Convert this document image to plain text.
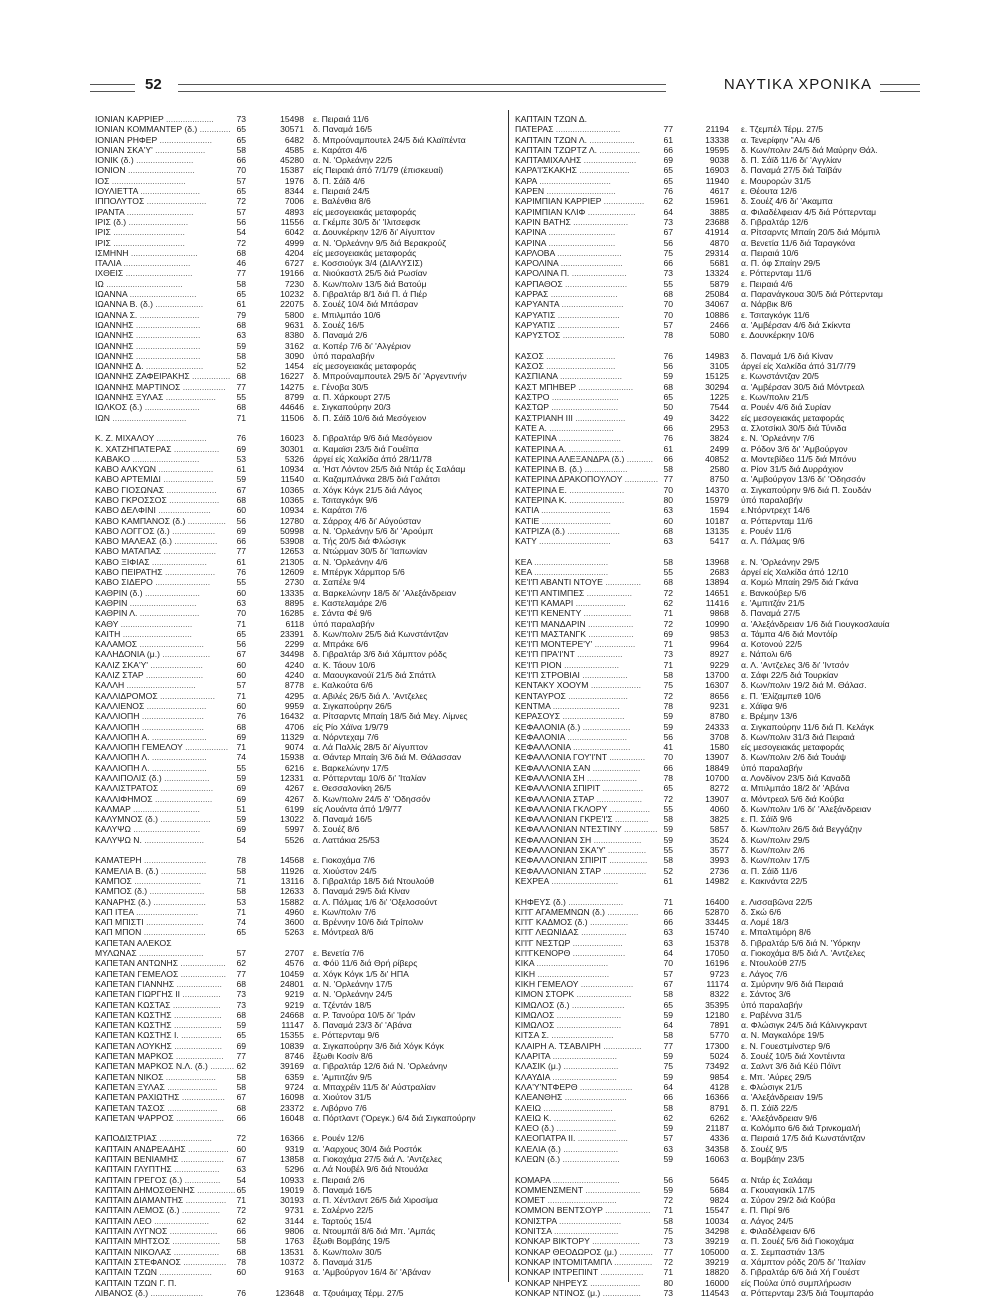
52	ΝΑΥΤΙΚΑ ΧΡΟΝΙΚΑ
ΙΟΝΙΑΝ ΚΑΡΡΙΕΡ ....................	73	15498 ε. Πειραιά 11/6
ΙΟΝΙΑΝ ΚΟΜΜΑΝΤΕΡ (δ.) ............. 65	30571 δ. Παναμά 16/5
ΙΟΝΙΑΝ ΡΗΦΕΡ ......................	65	6482 δ. Μπρούναμπουτελ 24/5 διά Κλαϊπέντα
ΙΟΝΙΑΝ ΣΚΑ'Υ' .....................	58	4585 ε. Καράτσι 4/6
ΙΟΝΙΚ (δ.) ........................	66	45280 α. Ν. 'Ορλεάνην 22/5
ΙΟΝΙΟΝ ............................	70	15387 είς Πειραιά άπό 7/1/79 (έπισκευαί)
ΙΟΣ ...............................	57	1976 δ. Π. Σάϊδ 4/6
ΙΟΥΛΙΕΤΤΑ .........................	65	8344 ε. Πειραιά 24/5
ΙΠΠΟΛΥΤΟΣ .........................	72	7006 ε. Βαλένθια 8/6
ΙΡΑΝΤΑ ............................	57	4893 είς μεσογειακάς μεταφοράς
ΙΡΙΣ (δ.) .........................	56	11556 α. Γκέμπε 30/5 δι' 'Ιλιτσεφσκ
ΙΡΙΣ ..............................	54	6042 α. Δουνκέρκην 12/6 δι' Αίγυπτον
ΙΡΙΣ ..............................	72	4999 α. Ν. 'Ορλεάνην 9/5 διά Βερακρούζ
ΙΣΜΗΝΗ ............................	68	4204 είς μεσογειακάς μεταφοράς
ΙΤΑΛΙΑ ............................	46	6727 ε. Κοσσιούγκ 3/4 (ΔΙΑΛΥΣΙΣ)
ΙΧΘΕΙΣ ............................	77	19166 α. Νιούκαστλ 25/5 διά Ρωσίαν
ΙΩ ................................	58	7230 δ. Κων/πολιν 13/5 διά Βατούμ
ΙΩΑΝΝΑ ............................	65	10232 δ. Γιβραλτάρ 8/1 διά Π. ά Πιέρ
ΙΩΑΝΝΑ Β. (δ.) ....................	61	22075 δ. Σουέζ 10/4 διά Μπάσραν
ΙΩΑΝΝΑ Σ. .........................	79	5800 ε. Μπιλμπάο 10/6
ΙΩΑΝΝΗΣ ...........................	68	9631 δ. Σουέζ 16/5
ΙΩΑΝΝΗΣ ...........................	63	8380 δ. Παναμά 2/6
ΙΩΑΝΝΗΣ ...........................	59	3162 α. Κοπέρ 7/6 δι' 'Αλγέριον
ΙΩΑΝΝΗΣ ...........................	58	3090 ύπό παραλαβήν
ΙΩΑΝΝΗΣ Δ. ........................	52	1454 είς μεσογειακάς μεταφοράς
ΙΩΑΝΝΗΣ ΖΑΦΕΙΡΑΚΗΣ ................ 68	16227 δ. Μπρούναμπουτελ 29/5 δι' 'Αργεντινήν
ΙΩΑΝΝΗΣ ΜΑΡΤΙΝΟΣ ..................	77	14275 ε. Γένοβα 30/5
ΙΩΑΝΝΗΣ ΞΥΛΑΣ .....................	55	8799 α. Π. Χάρκουρτ 27/5
ΙΩΛΚΟΣ (δ.) .......................	68	44646 ε. Σιγκαπούρην 20/3
ΙΩΝ ...............................	71	11506 δ. Π. Σάϊδ 10/6 διά Μεσόγειον
Κ. Ζ. ΜΙΧΑΛΟΥ .....................	76	16023 δ. Γιβραλτάρ 9/6 διά Μεσόγειον
Κ. ΧΑΤΖΗΠΑΤΕΡΑΣ ...................	69	30301 α. Καμαϊσι 23/5 διά Γουέϊπα
ΚΑΒΑΚΟ ............................	53	5326 άργεί είς Χαλκίδα άπό 28/11/78
ΚΑΒΟ ΑΛΚΥΩΝ .......................	61	10934 α. 'Ηστ Λόντον 25/5 διά Ντάρ ές Σαλάαμ
ΚΑΒΟ ΑΡΤΕΜΙΔΙ .....................	59	11540 α. Καζαμπλάνκα 28/5 διά Γαλάτσι
ΚΑΒΟ ΓΙΟΣΩΝΑΣ .....................	67	10365 α. Χόγκ Κόγκ 21/5 διά Λάγος
ΚΑΒΟ ΓΚΡΟΣΣΟΣ .....................	68	10365 ε. Τσιταγκόγκ 9/6
ΚΑΒΟ ΔΕΛΦΙΝΙ ......................	60	10934 ε. Καράτσι 7/6
ΚΑΒΟ ΚΑΜΠΑΝΟΣ (δ.) ................	56	12780 α. Σάρροχ 4/6 δι' Αύγούσταν
ΚΑΒΟ ΛΟΓΓΟΣ (δ.) ..................	69	50998 α. Ν. 'Ορλεάνην 5/6 δι' 'Αρούμπ
ΚΑΒΟ ΜΑΛΕΑΣ (δ.) ..................	66	53908 α. Τής 20/5 διά Φλώσιγκ
ΚΑΒΟ ΜΑΤΑΠΑΣ ......................	77	12653 α. Ντώρμαν 30/5 δι' 'Ιαπωνίαν
ΚΑΒΟ ΞΙΦΙΑΣ .......................	61	21305 α. Ν. 'Ορλεάνην 4/6
ΚΑΒΟ ΠΕΙΡΑΤΗΣ .....................	76	12609 ε. Μπέργκ Χάρμπορ 5/6
ΚΑΒΟ ΣΙΔΕΡΟ .......................	55	2730 α. Σαπέλε 9/4
ΚΑΘΡΙΝ (δ.) .......................	60	13335 α. Βαρκελώνην 18/5 δι' 'Αλεξάνδρειαν
ΚΑΘΡΙΝ ............................	63	8895 ε. Καστελαμάρε 2/6
ΚΑΘΡΙΝ Λ. .........................	70	16285 ε. Σάντα Φέ 9/6
ΚΑΘΥ ..............................	71	6118 ύπό παραλαβήν
ΚΑΙΤΗ .............................	65	23391 δ. Κων/πολιν 25/5 διά Κωνστάντζαν
ΚΑΛΑΜΟΣ ...........................	56	2299 α. Μπράκε 6/6
ΚΑΛΗΔΟΝΙΑ (μ.) ....................	67	34498 δ. Γιβραλτάρ 3/6 διά Χάμπτον ρόδς
ΚΑΛΙΖ ΣΚΑ'Υ' ......................	60	4240 α. Κ. Τάουν 10/6
ΚΑΛΙΖ ΣΤΑΡ ........................	60	4240 α. Μαουγκανούϊ 21/5 διά Σπάττλ
ΚΑΛΛΗ .............................	57	8778 ε. Καλκούτα 6/6
ΚΑΛΛΙΔΡΟΜΟΣ .......................	71	4295 α. Αβιλές 26/5 διά Λ. 'Αντζελες
ΚΑΛΛΙΕΝΟΣ .........................	60	9959 α. Σιγκαπούρην 26/5
ΚΑΛΛΙΟΠΗ ..........................	76	16432 α. Ρίτσαρντς Μπαίη 18/5 διά Μεγ. Λίμνες
ΚΑΛΛΙΟΠΗ ..........................	68	4706 είς Ρίο Χάϊνα 1/9/79
ΚΑΛΛΙΟΠΗ Α. .......................	69	11329 α. Νόρντεχαμ 7/6
ΚΑΛΛΙΟΠΗ ΓΕΜΕΛΟΥ .................. 71	9074 α. Λά Παλλίς 28/5 δι' Αίγυπτον
ΚΑΛΛΙΟΠΗ Λ. .......................	74	15938 α. Θάντερ Μπαίη 3/6 διά Μ. Θάλασσαν
ΚΑΛΛΙΟΠΗ Λ. .......................	55	6216 ε. Βαρκελώνην 17/5
ΚΑΛΛΙΠΟΛΙΣ (δ.) ...................	59	12331 α. Ρόττερνταμ 10/6 δι' 'Ιταλίαν
ΚΑΛΛΙΣΤΡΑΤΟΣ ......................	69	4267 ε. Θεσσαλονίκη 26/5
ΚΑΛΛΙΦΗΜΟΣ ........................	69	4267 δ. Κων/πολιν 24/5 δ' 'Οδησσόν
ΚΑΛΜΑΡ ............................	51	6199 είς Λουάντα άπό 1/9/77
ΚΑΛΥΜΝΟΣ (δ.) .....................	59	13022 δ. Παναμά 16/5
ΚΑΛΥΨΩ ............................	69	5997 δ. Σουέζ 8/6
ΚΑΛΥΨΩ Ν. .........................	54	5526 α. Λαττάκια 25/53
ΚΑΜΑΤΕΡΗ ..........................	78	14568 ε. Γιοκοχάμα 7/6
ΚΑΜΕΛΙΑ Β. (δ.) ...................	58	11926 α. Χιούστον 24/5
ΚΑΜΠΟΣ ............................	71	13116 δ. Γιβραλτάρ 18/5 διά Ντουλούθ
ΚΑΜΠΟΣ (δ.) .......................	58	12633 δ. Παναμά 29/5 διά Κίναν
ΚΑΝΑΡΗΣ (δ.) ......................	53	15882 α. Λ. Πάλμας 1/6 δι' 'Οξελοσούντ
ΚΑΠ ΙΤΕΑ ..........................	71	4960 ε. Κων/πολιν 7/6
ΚΑΠ ΜΠΙΣΤΙ ........................	74	3600 α. Βρέννην 10/6 διά Τρίπολιν
ΚΑΠ ΜΠΟΝ ..........................	65	5263 ε. Μόντρεαλ 8/6
ΚΑΠΕΤΑΝ ΑΛΕΚΟΣ
ΜΥΛΩΝΑΣ ...........................	57	2707 ε. Βενετία 7/6
ΚΑΠΕΤΑΝ ΑΝΤΩΝΗΣ ...................	62	4576 α. Φόϋ 11/6 διά Θρή ρίβερς
ΚΑΠΕΤΑΝ ΓΕΜΕΛΟΣ ...................	77	10459 α. Χόγκ Κόγκ 1/5 δι' ΗΠΑ
ΚΑΠΕΤΑΝ ΓΙΑΝΝΗΣ ...................	68	24801 α. Ν. 'Ορλεάνην 17/5
ΚΑΠΕΤΑΝ ΓΙΩΡΓΗΣ ΙΙ ................	73	9219 α. Ν. 'Ορλεάνην 24/5
ΚΑΠΕΤΑΝ ΚΩΣΤΑΣ ....................	73	9219 α. Τζέντάν 18/5
ΚΑΠΕΤΑΝ ΚΩΣΤΗΣ ....................	68	24668 α. Ρ. Τανούρα 10/5 δι' 'Ιράν
ΚΑΠΕΤΑΝ ΚΩΣΤΗΣ ....................	59	11147 δ. Παναμά 23/3 δι' 'Αβάνα
ΚΑΠΕΤΑΝ ΚΩΣΤΗΣ Ι. .................	65	15355 ε. Ρόττερνταμ 9/6
ΚΑΠΕΤΑΝ ΛΟΥΚΗΣ ....................	69	10839 α. Σιγκαπούρην 3/6 διά Χόγκ Κόγκ
ΚΑΠΕΤΑΝ ΜΑΡΚΟΣ ....................	77	8746 ἔξωθι Κοσίν 8/6
ΚΑΠΕΤΑΝ ΜΑΡΚΟΣ Ν.Λ. (δ.) .......... 62	39169 α. Γιβραλτάρ 12/6 διά Ν. 'Ορλεάνην
ΚΑΠΕΤΑΝ ΝΙΚΟΣ .....................	58	6359 ε. 'Αμπιτζάν 9/5
ΚΑΠΕΤΑΝ ΞΥΛΑΣ .....................	58	9724 α. Μπαχρέϊν 11/5 δι' Αύστραλίαν
ΚΑΠΕΤΑΝ ΡΑΧΙΩΤΗΣ ..................	67	16098 α. Χιούτον 31/5
ΚΑΠΕΤΑΝ ΤΑΣΟΣ .....................	68	23372 ε. Λιβόρνο 7/6
ΚΑΠΕΤΑΝ ΨΑΡΡΟΣ ....................	66	16048 α. Πόρτλαντ ('Ορεγκ.) 6/4 διά Σιγκαπούρην
ΚΑΠΟΔΙΣΤΡΙΑΣ ......................	72	16366 ε. Ρουέν 12/6
ΚΑΠΤΑΙΝ ΑΝΔΡΕΑΔΗΣ ................. 60	9319 α. 'Ααρχους 30/4 διά Ροστόκ
ΚΑΠΤΑΙΝ ΒΕΝΙΑΜΗΣ ..................	67	13858 α. Γιοκοχάμα 27/5 διά Λ. 'Αντζελες
ΚΑΠΤΑΙΝ ΓΛΥΠΤΗΣ ...................	63	5296 α. Λά Νουβέλ 9/6 διά Ντουάλα
ΚΑΠΤΑΙΝ ΓΡΕΓΟΣ (δ.) ...............	54	10933 ε. Πειραιά 2/6
ΚΑΠΤΑΙΝ ΔΗΜΟΣΘΕΝΗΣ ................ 65	19019 δ. Παναμά 16/5
ΚΑΠΤΑΙΝ ΔΙΑΜΑΝΤΗΣ .................	71	30193 α. Π. Χέντλαντ 26/5 διά Χιροσίμα
ΚΑΠΤΑΙΝ ΛΕΜΟΣ (δ.) ................	72	9731 ε. Σαλέρνο 22/5
ΚΑΠΤΑΙΝ ΛΕΟ .......................	62	3144 ε. Ταρτούς 15/4
ΚΑΠΤΑΙΝ ΛΥΓΝΟΣ ....................	66	9806 α. Ντουμπάϊ 8/6 διά Μπ. 'Αμπάς
ΚΑΠΤΑΙΝ ΜΗΤΣΟΣ ....................	58	1763 ἔξωθι Βομβάης 19/5
ΚΑΠΤΑΙΝ ΝΙΚΟΛΑΣ ...................	68	13531 δ. Κων/πολιν 30/5
ΚΑΠΤΑΙΝ ΣΤΕΦΑΝΟΣ ..................	78	10372 δ. Παναμά 31/5
ΚΑΠΤΑΙΝ ΤΖΩΝ ......................	60	9163 α. 'Αμβούργον 16/4 δι' 'Αβάναν
ΚΑΠΤΑΙΝ ΤΖΩΝ Γ. Π.
ΛΙΒΑΝΟΣ (δ.) ......................	76	123648 α. Τζουάιμαχ Τέρμ. 27/5
ΚΑΠΤΑΙΝ ΤΖΩΝ Δ.
ΠΑΤΕΡΑΣ ...........................	77	21194 ε. Τζεμπέλ Τέρμ. 27/5
ΚΑΠΤΑΙΝ ΤΖΩΝ Λ. ...................	61	13338 α. Τενερίφην "Αλι 4/6
ΚΑΠΤΑΙΝ ΤΖΩΡΤΖ Λ. .................	66	19595 δ. Κων/πολιν 24/5 διά Μαύρην Θάλ.
ΚΑΠΤΑΜΙΧΑΛΗΣ ......................	69	9038 δ. Π. Σάϊδ 11/6 δι' 'Αγγλίαν
ΚΑΡΑ'Ι'ΣΚΑΚΗΣ .....................	65	16903 δ. Παναμά 27/5 διά Ταϊβάν
ΚΑΡΑ ..............................	65	11940 ε. Μουρορών 31/5
ΚΑΡΕΝ .............................	76	4617 ε. Θέουτα 12/6
ΚΑΡΙΜΠΙΑΝ ΚΑΡΡΙΕΡ .................	62	15961 δ. Σουέζ 4/6 δι' 'Ακαμπα
ΚΑΡΙΜΠΙΑΝ ΚΛΙΦ ....................	64	3885 α. Φιλαδέλφειαν 4/5 διά Ρόττερνταμ
ΚΑΡΙΝ ΒΑΤΗΣ .......................	73	23688 δ. Γιβραλτάρ 12/6
ΚΑΡΙΝΑ ............................	67	41914 α. Ρίτσαρντς Μπαίη 20/5 διά Μόμπιλ
ΚΑΡΙΝΑ ............................	56	4870 α. Βενετία 11/6 διά Ταραγκόνα
ΚΑΡΛΟΒΑ ...........................	75	29314 α. Πειραιά 10/6
ΚΑΡΟΛΙΝΑ ..........................	66	5681 α. Π. όφ Σπαίην 29/5
ΚΑΡΟΛΙΝΑ Π. .......................	73	13324 ε. Ρόττερνταμ 11/6
ΚΑΡΠΑΘΟΣ ..........................	55	5879 ε. Πειραιά 4/6
ΚΑΡΡΑΣ ............................	68	25084 α. Παρανάγκουα 30/5 διά Ρόττερνταμ
ΚΑΡΥΑΝΤΑ ..........................	70	34067 α. Νάρβικ 8/6
ΚΑΡΥΑΤΙΣ ..........................	70	10886 ε. Τσιταγκόγκ 11/6
ΚΑΡΥΑΤΙΣ ..........................	57	2466 α. 'Αμβέρσαν 4/6 διά Σκίκντα
ΚΑΡΥΣΤΟΣ ..........................	78	5080 ε. Δουνκέρκην 10/6
ΚΑΣΟΣ .............................	76	14983 δ. Παναμά 1/6 διά Κίναν
ΚΑΣΟΣ .............................	56	3105 άργεί είς Χαλκίδα άπό 31/7/79
ΚΑΣΠΙΑΝΑ ..........................	59	15125 ε. Κωνστάντζαν 20/5
ΚΑΣΤ ΜΠΗΒΕΡ .......................	68	30294 α. 'Αμβέρσαν 30/5 διά Μόντρεαλ
ΚΑΣΤΡΟ ............................	65	1225 ε. Κων/πολιν 21/5
ΚΑΣΤΩΡ ............................	50	7544 α. Ρουέν 4/6 διά Συρίαν
ΚΑΣΤΡΙΑΝΗ ΙΙΙ .....................	49	3422 είς μεσογειακάς μεταφοράς
ΚΑΤΕ Α. ...........................	66	2953 α. Σλοτσίκιλ 30/5 διά Τύνιδα
ΚΑΤΕΡΙΝΑ ..........................	76	3824 ε. Ν. 'Ορλεάνην 7/6
ΚΑΤΕΡΙΝΑ Α. .......................	61	2499 α. Ρόδον 3/6 δι' 'Αμβούργον
ΚΑΤΕΡΙΝΑ ΑΛΕΞΑΝΔΡΑ (δ.) ...........	66	40852 α. Μοντεβίδεο 11/5 διά Μπόνυ
ΚΑΤΕΡΙΝΑ Β. (δ.) ..................	58	2580 α. Ρίον 31/5 διά Δυρράχιον
ΚΑΤΕΡΙΝΑ ΔΡΑΚΟΠΟΥΛΟΥ .............. 77	8750 α. 'Αμβούργον 13/6 δι' 'Οδησσόν
ΚΑΤΕΡΙΝΑ Ε. .......................	70	14370 α. Σιγκαπούρην 9/6 διά Π. Σουδάν
ΚΑΤΕΡΙΝΑ Κ. .......................	80	15979 ύπό παραλαβήν
ΚΑΤΙΑ .............................	63	1594 ε.Ντόρντρεχτ 14/6
ΚΑΤΙΕ .............................	60	10187 α. Ρόττερνταμ 11/6
ΚΑΤΡΙΖΑ (δ.) ......................	68	13135 ε. Ρουέν 11/6
ΚΑΤΥ ..............................	63	5417 α. Λ. Πάλμας 9/6
ΚΕΑ ...............................	58	13968 ε. Ν. 'Ορλεάνην 29/5
ΚΕΑ ...............................	55	2683 άργεί είς Χαλκίδα άπό 12/10
ΚΕ'Ι'Π ΑΒΑΝΤΙ ΝΤΟΥΕ ...............	68	13894 α. Κομώ Μπαίη 29/5 διά Γκάνα
ΚΕ'Ι'Π ΑΝΤΙΜΠΕΣ ...................	72	14651 ε. Βανκούβερ 5/6
ΚΕ'Ι'Π ΚΑΜΑΡΙ .....................	62	11416 ε. 'Αμπιτζάν 21/5
ΚΕ'Ι'Π ΚΕΝΕΝΤΥ ....................	71	9868 δ. Παναμά 27/5
ΚΕ'Ι'Π ΜΑΝΔΑΡΙΝ ...................	72	10990 α. 'Αλεξάνδρειαν 1/6 διά Γιουγκοσλαυία
ΚΕ'Ι'Π ΜΑΣΤΑΝΓΚ ...................	69	9853 α. Τάμπα 4/6 διά Μοντόίρ
ΚΕ'Ι'Π ΜΟΝΤΕΡΕ'Υ' .................	71	9964 α. Κοτονού 22/5
ΚΕ'Ι'Π ΠΡΑ'Ι'ΝΤ ...................	73	8927 ε. Νάπολι 6/6
ΚΕ'Ι'Π ΡΙΟΝ .......................	71	9229 α. Λ. 'Αντζελες 3/6 δι' 'Ιντσόν
ΚΕ'Ι'Π ΣΤΡΟΒΙΑΙ ...................	58	13700 α. Σάφι 22/5 διά Τουρκίαν
ΚΕΝΤΑΚΥ ΧΟΟΥΜ .....................	75	16307 δ. Κων/πολιν 19/2 διά Μ. Θάλασ.
ΚΕΝΤΑΥΡΟΣ .........................	72	8656 ε. Π. 'Ελίζαμπεθ 10/6
ΚΕΝΤΜΑ ............................	78	9231 ε. Χάϊφα 9/6
ΚΕΡΑΣΟΥΣ ..........................	59	8780 ε. Βρέμην 13/6
ΚΕΦΑΛΟΝΙΑ (δ.) ....................	59	24333 α. Σιγκαπούρην 11/6 διά Π. Κελάγκ
ΚΕΦΑΛΟΝΙΑ .........................	56	3708 δ. Κων/πολιν 31/3 διά Πειραιά
ΚΕΦΑΛΛΟΝΙΑ ........................	41	1580 είς μεσογειακάς μεταφοράς
ΚΕΦΑΛΛΟΝΙΑ ΓΟΥ'Ι'ΝΤ ...............	70	13907 δ. Κων/πολιν 2/6 διά Τουάψ
ΚΕΦΑΛΛΟΝΙΑ ΣΑΝ ....................	66	18849 ύπό παραλαβήν
ΚΕΦΑΛΛΟΝΙΑ ΣΗ .....................	78	10700 α. Λονδίνον 23/5 διά Καναδᾶ
ΚΕΦΑΛΛΟΝΙΑ ΣΠΙΡΙΤ .................	65	8272 α. Μπιλμπάο 18/2 δι' 'Αβάνα
ΚΕΦΑΛΛΟΝΙΑ ΣΤΑΡ ...................	72	13907 α. Μόντρεαλ 5/6 διά Κούβα
ΚΕΦΑΛΛΟΝΙΑ ΓΚΛΟΡΥ .................	55	4060 δ. Κων/πολιν 1/6 δι' 'Αλεξάνδρειαν
ΚΕΦΑΛΛΟΝΙΑΝ ΓΚΡΕ'Ι'Σ ..............	58	3825 ε. Π. Σάϊδ 9/6
ΚΕΦΑΛΛΟΝΙΑΝ ΝΤΕΣΤΙΝΥ .............. 59	5857 δ. Κων/πολιν 26/5 διά Βεγγάζην
ΚΕΦΑΛΛΟΝΙΑΝ ΣΗ ....................	59	3524 δ. Κων/πολιν 29/5
ΚΕΦΑΛΛΟΝΙΑΝ ΣΚΑ'Υ' ................	55	3577 δ. Κων/πολιν 2/6
ΚΕΦΑΛΛΟΝΙΑΝ ΣΠΙΡΙΤ ................	58	3993 δ. Κων/πολιν 17/5
ΚΕΦΑΛΛΟΝΙΑΝ ΣΤΑΡ ..................	52	2736 α. Π. Σάϊδ 11/6
ΚΕΧΡΕΑ ............................	61	14982 ε. Κακινάντα 22/5
ΚΗΦΕΥΣ (δ.) .......................	71	16400 ε. Λισσαβῶνα 22/5
ΚΙ'Ι'Γ ΑΓΑΜΕΜΝΩΝ (δ.) .............	66	52870 δ. Σκώ 6/6
ΚΙ'Ι'Γ ΚΑΔΜΟΣ (δ.) ................	66	33445 α. Λομέ 18/3
ΚΙ'Ι'Γ ΛΕΩΝΙΔΑΣ ...................	63	15740 ε. Μπαλτιμόρη 8/6
ΚΙ'Ι'Γ ΝΕΣΤΩΡ .....................	63	15378 δ. Γιβραλτάρ 5/6 διά Ν. 'Υόρκην
ΚΙ'Ι'ΓΚΕΝΟΡΘ ......................	64	17050 α. Γιοκοχάμα 8/5 διά Λ. 'Αντζελες
ΚΙΚΑ ..............................	70	16196 ε. Ντουλούθ 27/5
ΚΙΚΗ ..............................	57	9723 ε. Λάγος 7/6
ΚΙΚΗ ΓΕΜΕΛΟΥ ......................	67	11174 α. Σμύρνην 9/6 διά Πειραιά
ΚΙΜΟΝ ΣΤΟΡΚ .......................	58	8322 ε. Σάντος 3/6
ΚΙΜΩΛΟΣ (δ.) ......................	65	35395 ύπό παραλαβήν
ΚΙΜΩΛΟΣ ...........................	59	12180 ε. Ραβέννα 31/5
ΚΙΜΩΛΟΣ ...........................	64	7891 α. Φλώσιγκ 24/5 διά Κάλινγκραντ
ΚΙΤΣΑ Σ. ..........................	58	5770 α. Ν. Μαγκαλόρε 19/5
ΚΛΑΙΡΗ Α. ΤΣΑΒΛΙΡΗ ................	77	17300 ε. Ν. Γουεστμίνστερ 9/6
ΚΛΑΡΙΤΑ ...........................	59	5024 δ. Σουέζ 10/5 διά Χοντέιντα
ΚΛΑΣΙΚ (μ.) .......................	75	73492 α. Σαλντ 3/6 διά Κέϋ Πόϊντ
ΚΛΑΥΔΙΑ ...........................	59	9854 ε. Μπ. 'Αύρες 29/5
ΚΛΑ'Υ'ΝΤΦΕΡΘ ......................	64	4128 ε. Φλώσιγκ 21/5
ΚΛΕΑΝΘΗΣ ..........................	66	16366 α. 'Αλεξάνδρειαν 19/5
ΚΛΕΙΩ .............................	58	8791 δ. Π. Σάϊδ 22/5
ΚΛΕΙΩ Κ. ..........................	62	6262 ε. 'Αλεξάνδρειαν 9/6
ΚΛΕΟ (δ.) .........................	59	21187 α. Κολόμπο 6/6 διά Τρινκομαλή
ΚΛΕΟΠΑΤΡΑ ΙΙ. .....................	57	4336 α. Πειραιά 17/5 διά Κωνστάντζαν
ΚΛΕΛΙΑ (δ.) .......................	63	34358 δ. Σουέζ 9/5
ΚΛΕΩΝ (δ.) ........................	59	16063 α. Βομβάην 23/5
ΚΟΜΑΡΑ ............................	56	5645 α. Ντάρ ές Σαλάαμ
ΚΟΜΜΕΝΣΜΕΝΤ .......................	59	5684 α. Γκουαγιακίλ 17/5
ΚΟΜΕΤ .............................	72	9824 α. Σύρον 29/2 διά Κούβα
ΚΟΜΜΟΝ ΒΕΝΤΣΟΥΡ ...................	71	15547 ε. Π. Πιρί 9/6
ΚΟΝΙΣΤΡΑ ..........................	58	10034 α. Λάγος 24/5
ΚΟΝΙΤΣΑ ...........................	75	34298 ε. Φιλαδέλφειαν 6/6
ΚΟΝΚΑΡ ΒΙΚΤΟΡΥ ....................	73	39219 α. Π. Σουέζ 5/6 διά Γιοκοχάμα
ΚΟΝΚΑΡ ΘΕΟΔΩΡΟΣ (μ.) ..............	77	105000 α. Σ. Σεμπαστιάν 13/5
ΚΟΝΚΑΡ ΙΝΤΟΜΙΤΑΜΠΛ ................	72	39219 α. Χάμπτον ρόδς 20/5 δι' 'Ιταλίαν
ΚΟΝΚΑΡ ΙΝΤΡΕΠΙΝΤ ..................	71	18820 δ. Γιβραλτάρ 6/6 διά Χή Γουέστ
ΚΟΝΚΑΡ ΝΗΡΕΥΣ .....................	80	16000 είς Πούλα ύπό συμπλήρωσιν
ΚΟΝΚΑΡ ΝΤΙΝΟΣ (μ.) ................	73	114543 α. Ρόττερνταμ 23/5 διά Τουμπαράο
